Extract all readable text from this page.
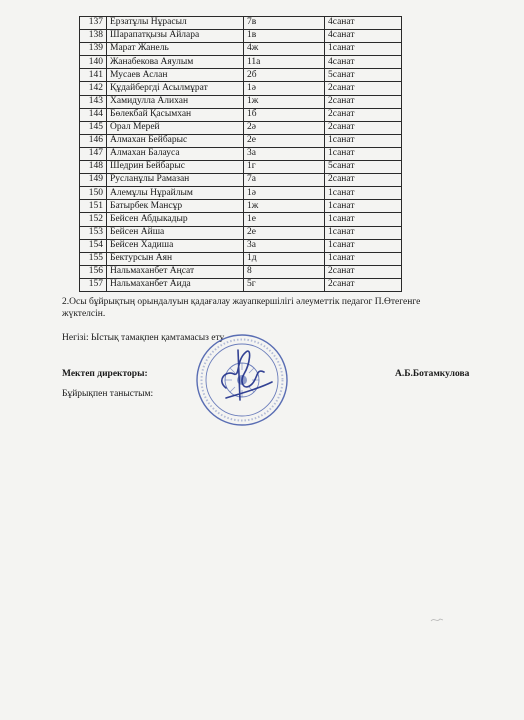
137	Ерзатұлы Нұрасыл	7в	4санат
138	Шарапатқызы Айлара	1в	4санат
139	Марат Жанель	4ж	1санат
140	Жанабекова Аяулым	11а	4санат
141	Мусаев Аслан	2б	5санат
142	Құдайбергді Асылмұрат	1ә	2санат
143	Хамидулла Алихан	1ж	2санат
144	Бөлекбай Қасымхан	1б	2санат
145	Орал Мерей	2ә	2санат
146	Алмахан Бейбарыс	2е	1санат
147	Алмахан Балауса	3а	1санат
148	Шедрин Бейбарыс	1г	5санат
149	Русланұлы Рамазан	7а	2санат
150	Алемұлы Нұрайлым	1ә	1санат
151	Батырбек Мансұр	1ж	1санат
152	Бейсен Абдыкадыр	1е	1санат
153	Бейсен Айша	2е	1санат
154	Бейсен Хадиша	3а	1санат
155	Бектурсын Аян	1д	1санат
156	Нальмаханбет Аңсат	8	2санат
157	Нальмаханбет Аида	5г	2санат
2.Осы бұйрықтың орындалуын қадағалау жауапкершілігі әлеуметтік педагог П.Өтегенге
жүктелсін.
Негізі: Ыстық тамақпен қамтамасыз ету
Мектеп директоры:	А.Б.Ботамкулова
Бұйрықпен таныстым:
